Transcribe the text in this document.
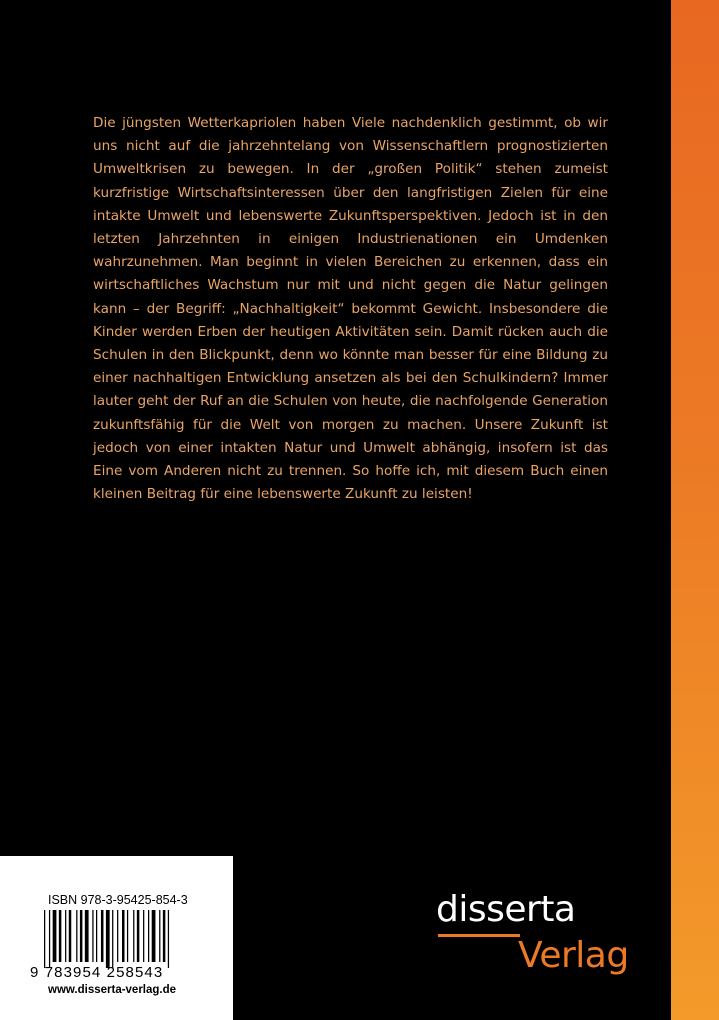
Die jüngsten Wetterkapriolen haben Viele nachdenklich gestimmt, ob wir uns nicht auf die jahrzehntelang von Wissenschaftlern prognostizierten Umweltkrisen zu bewegen. In der „großen Politik“ stehen zumeist kurzfristige Wirtschaftsinteressen über den langfristigen Zielen für eine intakte Umwelt und lebenswerte Zukunftsperspektiven. Jedoch ist in den letzten Jahrzehnten in einigen Industrienationen ein Umdenken wahrzunehmen. Man beginnt in vielen Bereichen zu erkennen, dass ein wirtschaftliches Wachstum nur mit und nicht gegen die Natur gelingen kann – der Begriff: „Nachhaltigkeit“ bekommt Gewicht. Insbesondere die Kinder werden Erben der heutigen Aktivitäten sein. Damit rücken auch die Schulen in den Blickpunkt, denn wo könnte man besser für eine Bildung zu einer nachhaltigen Entwicklung ansetzen als bei den Schulkindern? Immer lauter geht der Ruf an die Schulen von heute, die nachfolgende Generation zukunftsfähig für die Welt von morgen zu machen. Unsere Zukunft ist jedoch von einer intakten Natur und Umwelt abhängig, insofern ist das Eine vom Anderen nicht zu trennen. So hoffe ich, mit diesem Buch einen kleinen Beitrag für eine lebenswerte Zukunft zu leisten!

ISBN 978-3-95425-854-3
9 783954 258543
www.disserta-verlag.de
disserta
Verlag
